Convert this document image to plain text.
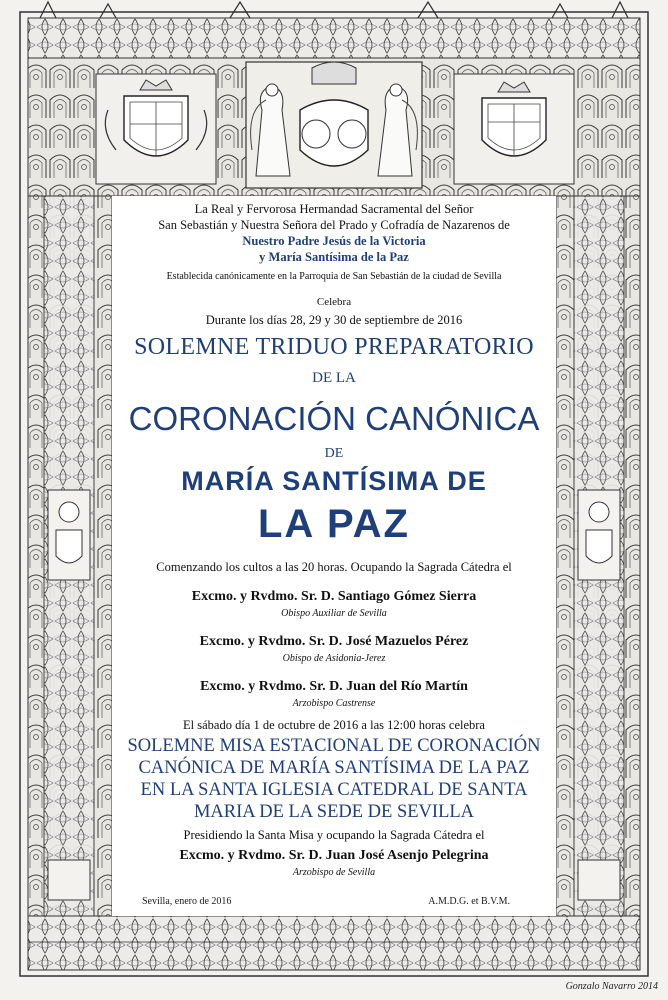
La Real y Fervorosa Hermandad Sacramental del Señor
San Sebastián y Nuestra Señora del Prado y Cofradía de Nazarenos de
Nuestro Padre Jesús de la Victoria
y María Santísima de la Paz
Establecida canónicamente en la Parroquia de San Sebastián de la ciudad de Sevilla
Celebra
Durante los días 28, 29 y 30 de septiembre de 2016
SOLEMNE TRIDUO PREPARATORIO
DE LA
CORONACIÓN CANÓNICA
DE
MARÍA SANTÍSIMA DE
LA PAZ
Comenzando los cultos a las 20 horas. Ocupando la Sagrada Cátedra el
Excmo. y Rvdmo. Sr. D. Santiago Gómez Sierra
Obispo Auxiliar de Sevilla
Excmo. y Rvdmo. Sr. D. José Mazuelos Pérez
Obispo de Asidonia-Jerez
Excmo. y Rvdmo. Sr. D. Juan del Río Martín
Arzobispo Castrense
El sábado día 1 de octubre de 2016 a las 12:00 horas celebra
SOLEMNE MISA ESTACIONAL DE CORONACIÓN
CANÓNICA DE MARÍA SANTÍSIMA DE LA PAZ
EN LA SANTA IGLESIA CATEDRAL DE SANTA
MARIA DE LA SEDE DE SEVILLA
Presidiendo la Santa Misa y ocupando la Sagrada Cátedra el
Excmo. y Rvdmo. Sr. D. Juan José Asenjo Pelegrina
Arzobispo de Sevilla
Sevilla, enero de 2016	A.M.D.G. et B.V.M.
Gonzalo Navarro 2014
